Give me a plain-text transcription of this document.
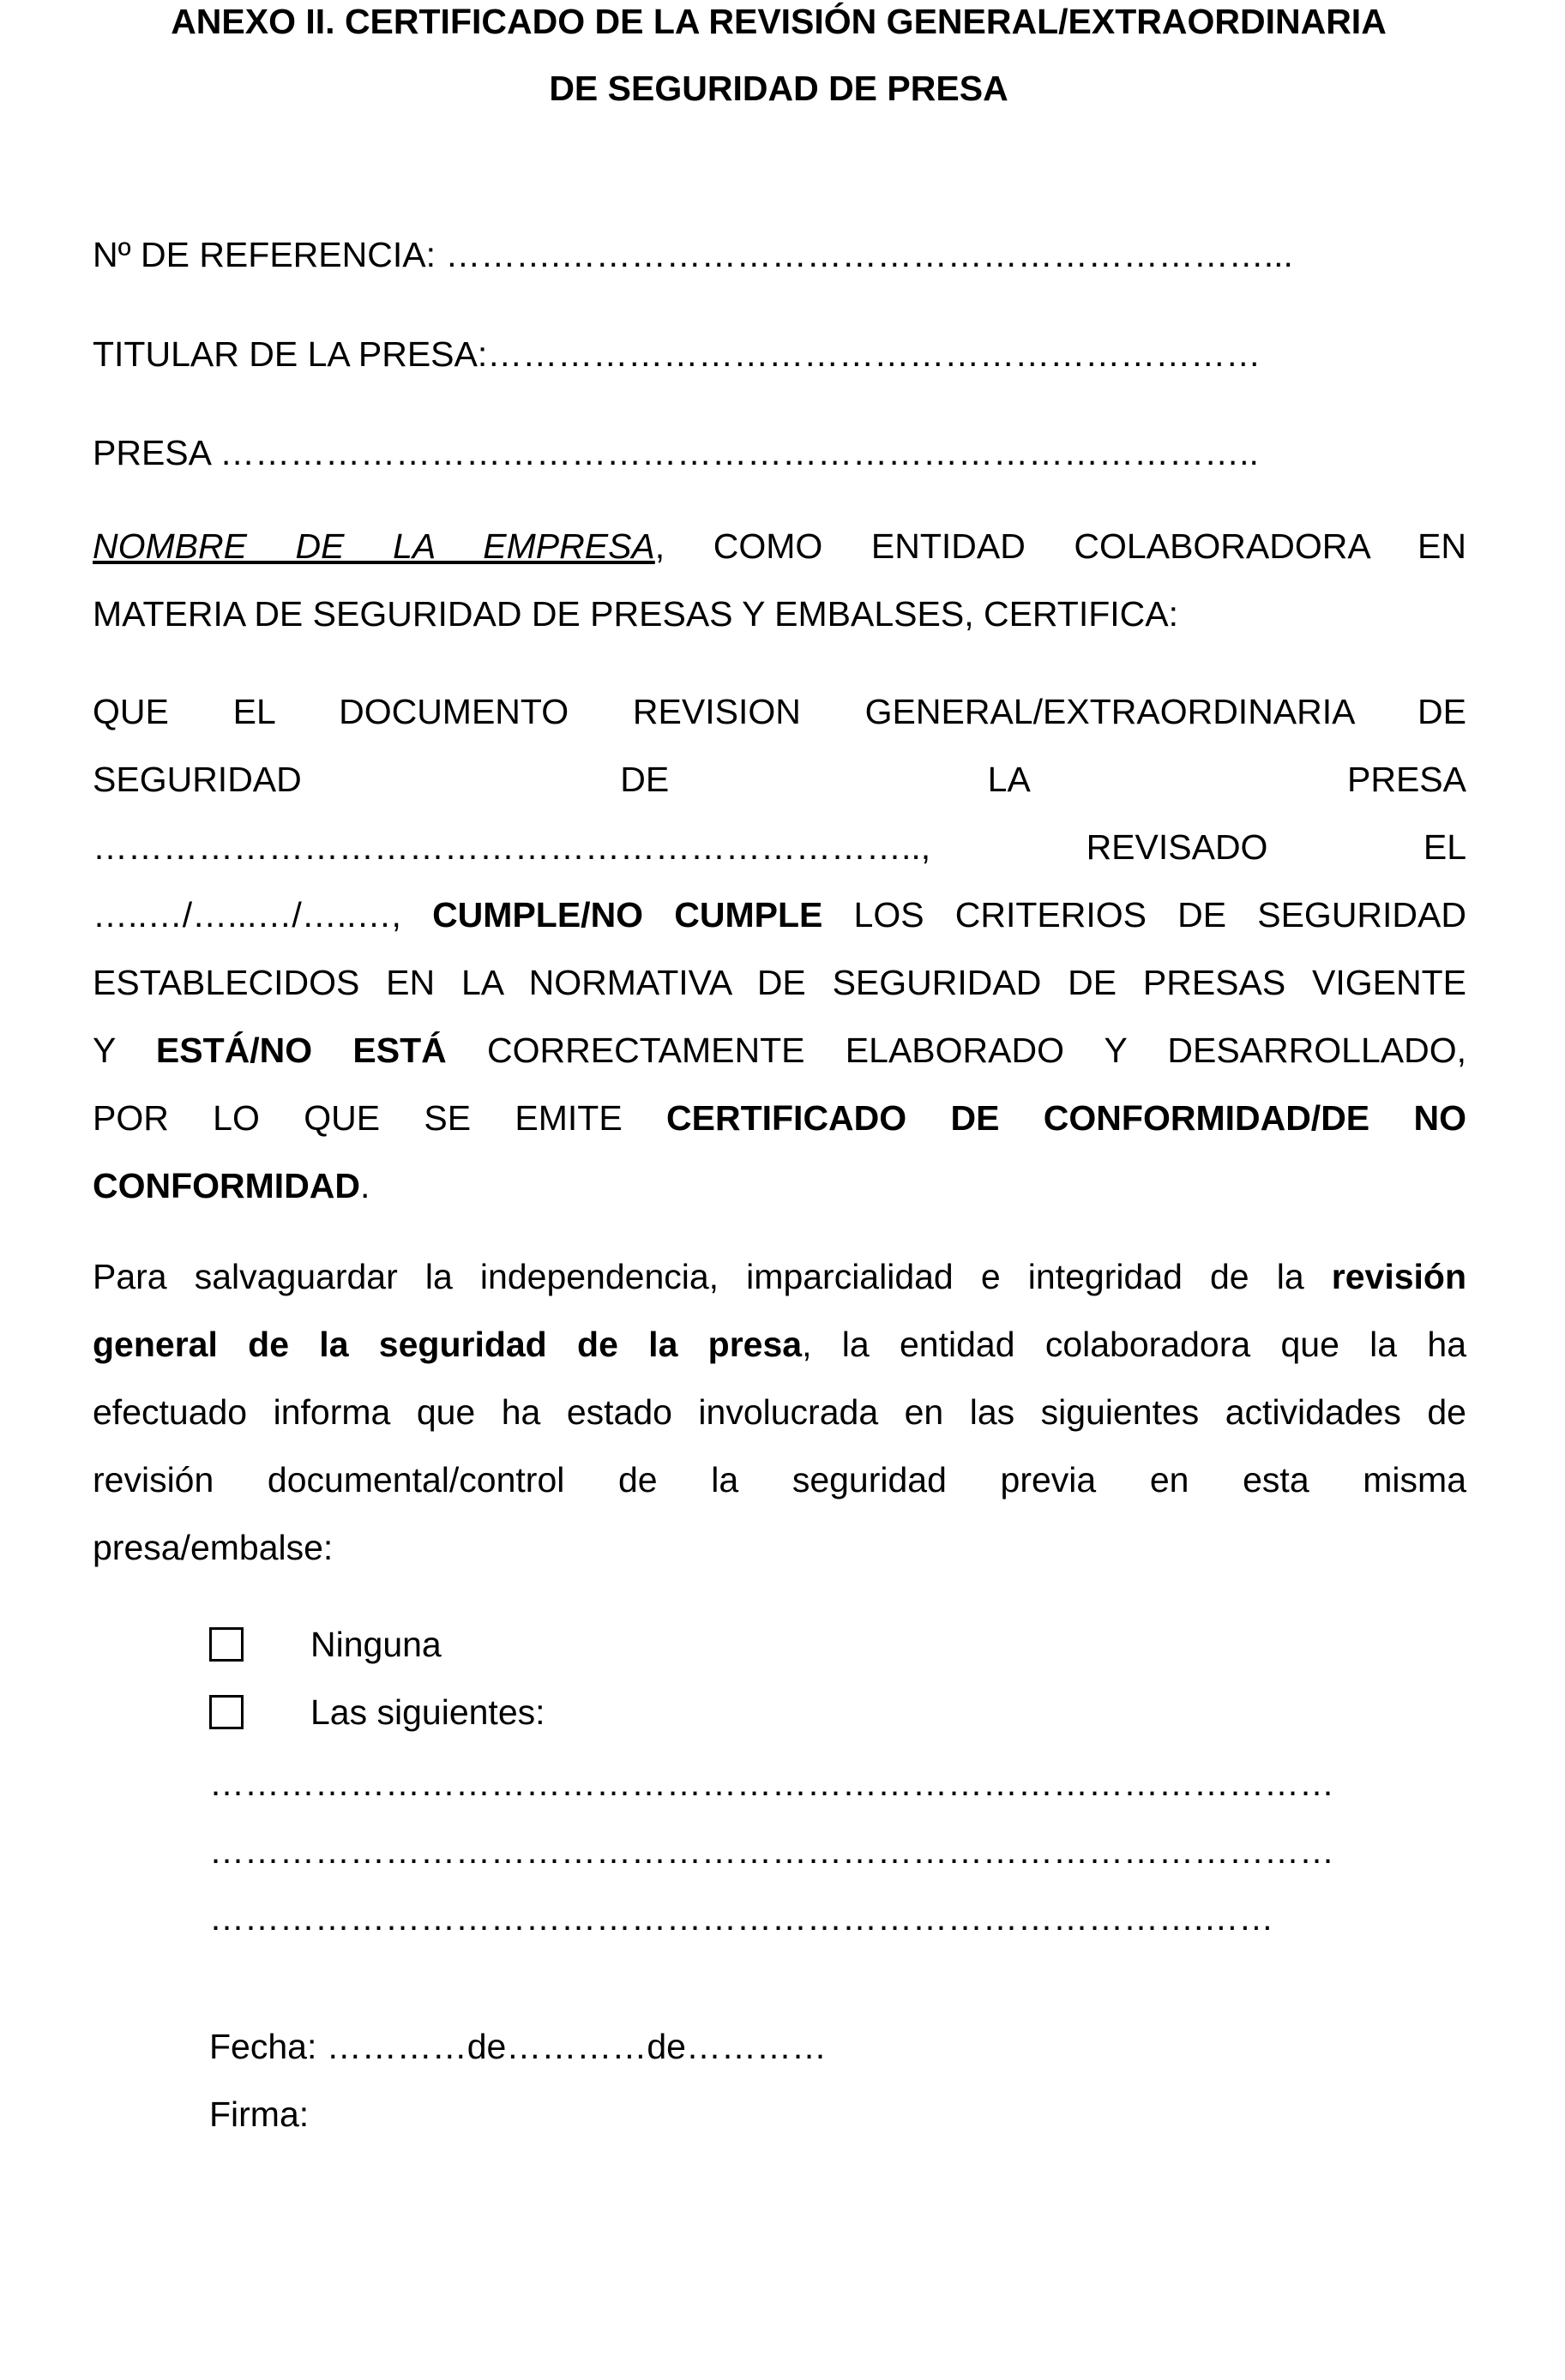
ANEXO II. CERTIFICADO DE LA REVISIÓN GENERAL/EXTRAORDINARIA
DE SEGURIDAD DE PRESA
Nº DE REFERENCIA: ……….……………………………………………………...
TITULAR DE LA PRESA:…………………………………………………………
PRESA ……………………………………………………………………………..
NOMBRE DE LA EMPRESA, COMO ENTIDAD COLABORADORA EN
MATERIA DE SEGURIDAD DE PRESAS Y EMBALSES, CERTIFICA:
QUE EL DOCUMENTO REVISION GENERAL/EXTRAORDINARIA DE
SEGURIDAD DE LA PRESA
…………………………………………………………….., REVISADO EL
…..…/…...…/…..…, CUMPLE/NO CUMPLE LOS CRITERIOS DE SEGURIDAD
ESTABLECIDOS EN LA NORMATIVA DE SEGURIDAD DE PRESAS VIGENTE
Y ESTÁ/NO ESTÁ CORRECTAMENTE ELABORADO Y DESARROLLADO,
POR LO QUE SE EMITE CERTIFICADO DE CONFORMIDAD/DE NO
CONFORMIDAD.
Para salvaguardar la independencia, imparcialidad e integridad de la revisión
general de la seguridad de la presa, la entidad colaboradora que la ha
efectuado informa que ha estado involucrada en las siguientes actividades de
revisión documental/control de la seguridad previa en esta misma
presa/embalse:
Ninguna
Las siguientes:
……………………………………………………………………………………
……………………………………………………………………………………
………………………………………………………………………….……
Fecha: …………de…………de…………
Firma:
